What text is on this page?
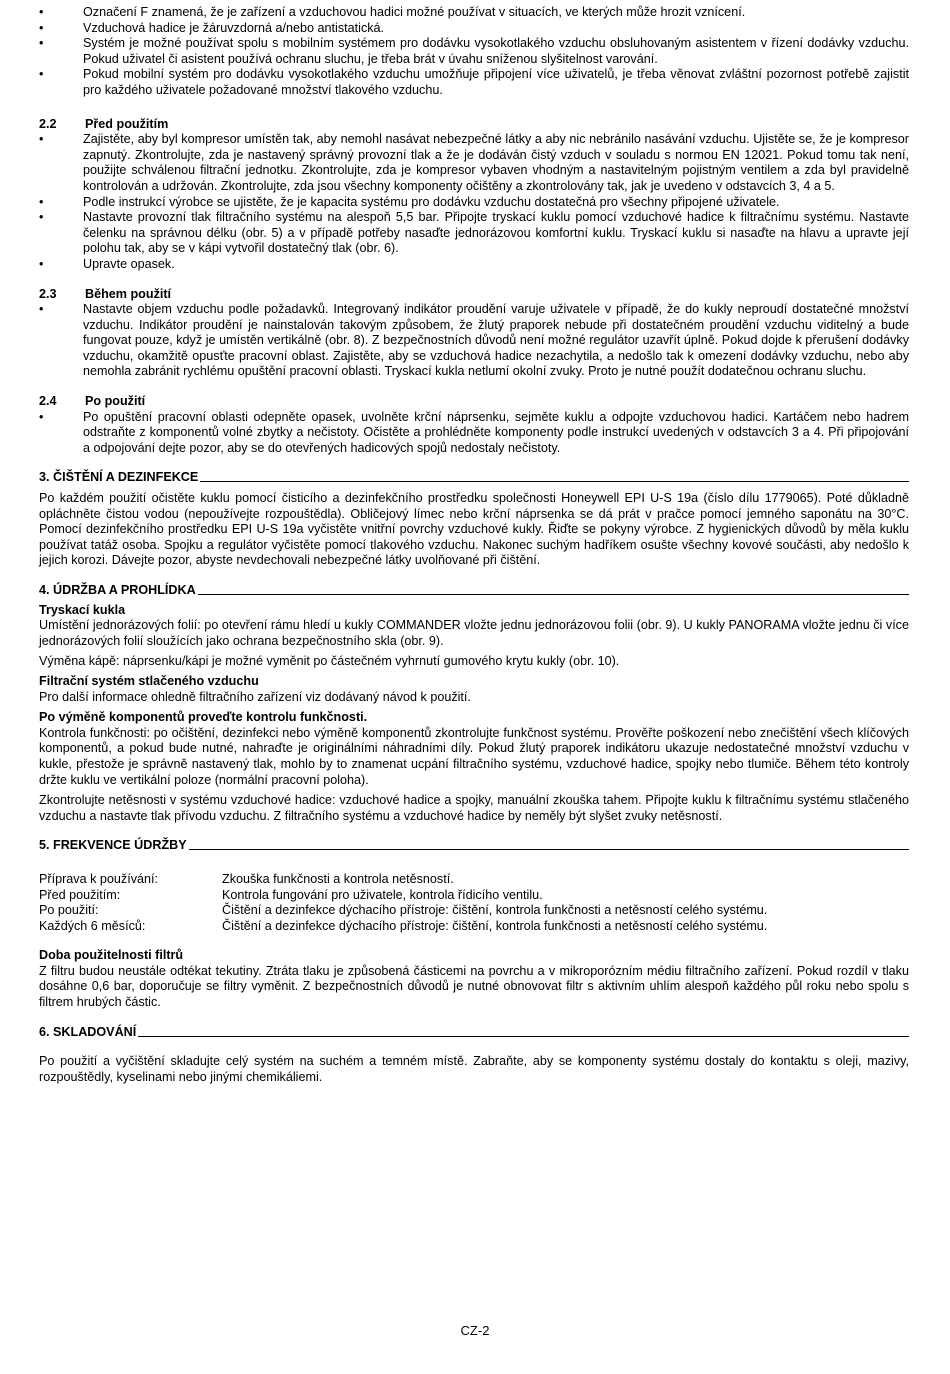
• Označení F znamená, že je zařízení a vzduchovou hadici možné používat v situacích, ve kterých může hrozit vznícení.
• Vzduchová hadice je žáruvzdorná a/nebo antistatická.
• Systém je možné používat spolu s mobilním systémem pro dodávku vysokotlakého vzduchu obsluhovaným asistentem v řízení dodávky vzduchu. Pokud uživatel či asistent používá ochranu sluchu, je třeba brát v úvahu sníženou slyšitelnost varování.
• Pokud mobilní systém pro dodávku vysokotlakého vzduchu umožňuje připojení více uživatelů, je třeba věnovat zvláštní pozornost potřebě zajistit pro každého uživatele požadované množství tlakového vzduchu.
2.2 Před použitím
• Zajistěte, aby byl kompresor umístěn tak, aby nemohl nasávat nebezpečné látky a aby nic nebránilo nasávání vzduchu. Ujistěte se, že je kompresor zapnutý. Zkontrolujte, zda je nastavený správný provozní tlak a že je dodáván čistý vzduch v souladu s normou EN 12021. Pokud tomu tak není, použijte schválenou filtrační jednotku. Zkontrolujte, zda je kompresor vybaven vhodným a nastavitelným pojistným ventilem a zda byl pravidelně kontrolován a udržován. Zkontrolujte, zda jsou všechny komponenty očištěny a zkontrolovány tak, jak je uvedeno v odstavcích 3, 4 a 5.
• Podle instrukcí výrobce se ujistěte, že je kapacita systému pro dodávku vzduchu dostatečná pro všechny připojené uživatele.
• Nastavte provozní tlak filtračního systému na alespoň 5,5 bar. Připojte tryskací kuklu pomocí vzduchové hadice k filtračnímu systému. Nastavte čelenku na správnou délku (obr. 5) a v případě potřeby nasaďte jednorázovou komfortní kuklu. Tryskací kuklu si nasaďte na hlavu a upravte její polohu tak, aby se v kápi vytvořil dostatečný tlak (obr. 6).
• Upravte opasek.
2.3 Během použití
• Nastavte objem vzduchu podle požadavků. Integrovaný indikátor proudění varuje uživatele v případě, že do kukly neproudí dostatečné množství vzduchu. Indikátor proudění je nainstalován takovým způsobem, že žlutý praporek nebude při dostatečném proudění vzduchu viditelný a bude fungovat pouze, když je umístěn vertikálně (obr. 8). Z bezpečnostních důvodů není možné regulátor uzavřít úplně. Pokud dojde k přerušení dodávky vzduchu, okamžitě opusťte pracovní oblast. Zajistěte, aby se vzduchová hadice nezachytila, a nedošlo tak k omezení dodávky vzduchu, nebo aby nemohla zabránit rychlému opuštění pracovní oblasti. Tryskací kukla netlumí okolní zvuky. Proto je nutné použít dodatečnou ochranu sluchu.
2.4 Po použití
• Po opuštění pracovní oblasti odepněte opasek, uvolněte krční náprsenku, sejměte kuklu a odpojte vzduchovou hadici. Kartáčem nebo hadrem odstraňte z komponentů volné zbytky a nečistoty. Očistěte a prohlédněte komponenty podle instrukcí uvedených v odstavcích 3 a 4. Při připojování a odpojování dejte pozor, aby se do otevřených hadicových spojů nedostaly nečistoty.
3. ČIŠTĚNÍ A DEZINFEKCE

Po každém použití očistěte kuklu pomocí čisticího a dezinfekčního prostředku společnosti Honeywell EPI U-S 19a (číslo dílu 1779065). Poté důkladně opláchněte čistou vodou (nepoužívejte rozpouštědla). Obličejový límec nebo krční náprsenka se dá prát v pračce pomocí jemného saponátu na 30°C. Pomocí dezinfekčního prostředku EPI U-S 19a vyčistěte vnitřní povrchy vzduchové kukly. Řiďte se pokyny výrobce. Z hygienických důvodů by měla kuklu používat tatáž osoba. Spojku a regulátor vyčistěte pomocí tlakového vzduchu. Nakonec suchým hadříkem osušte všechny kovové součásti, aby nedošlo k jejich korozi. Dávejte pozor, abyste nevdechovali nebezpečné látky uvolňované při čištění.

4. ÚDRŽBA A PROHLÍDKA

Tryskací kukla

Umístění jednorázových folií: po otevření rámu hledí u kukly COMMANDER vložte jednu jednorázovou folii (obr. 9). U kukly PANORAMA vložte jednu či více jednorázových folií sloužících jako ochrana bezpečnostního skla (obr. 9).

Výměna kápě: náprsenku/kápi je možné vyměnit po částečném vyhrnutí gumového krytu kukly (obr. 10).

Filtrační systém stlačeného vzduchu

Pro další informace ohledně filtračního zařízení viz dodávaný návod k použití.

Po výměně komponentů proveďte kontrolu funkčnosti.

Kontrola funkčnosti: po očištění, dezinfekci nebo výměně komponentů zkontrolujte funkčnost systému. Prověřte poškození nebo znečištění všech klíčových komponentů, a pokud bude nutné, nahraďte je originálními náhradními díly. Pokud žlutý praporek indikátoru ukazuje nedostatečné množství vzduchu v kukle, přestože je správně nastavený tlak, mohlo by to znamenat ucpání filtračního systému, vzduchové hadice, spojky nebo tlumiče. Během této kontroly držte kuklu ve vertikální poloze (normální pracovní poloha).

Zkontrolujte netěsnosti v systému vzduchové hadice: vzduchové hadice a spojky, manuální zkouška tahem. Připojte kuklu k filtračnímu systému stlačeného vzduchu a nastavte tlak přívodu vzduchu. Z filtračního systému a vzduchové hadice by neměly být slyšet zvuky netěsností.

5. FREKVENCE ÚDRŽBY
Příprava k používání:	Zkouška funkčnosti a kontrola netěsností.
Před použitím:	Kontrola fungování pro uživatele, kontrola řídicího ventilu.
Po použití:	Čištění a dezinfekce dýchacího přístroje: čištění, kontrola funkčnosti a netěsností celého systému.
Každých 6 měsíců:	Čištění a dezinfekce dýchacího přístroje: čištění, kontrola funkčnosti a netěsností celého systému.

Doba použitelnosti filtrů

Z filtru budou neustále odtékat tekutiny. Ztráta tlaku je způsobená částicemi na povrchu a v mikroporózním médiu filtračního zařízení. Pokud rozdíl v tlaku dosáhne 0,6 bar, doporučuje se filtry vyměnit. Z bezpečnostních důvodů je nutné obnovovat filtr s aktivním uhlím alespoň každého půl roku nebo spolu s filtrem hrubých částic.

6. SKLADOVÁNÍ

Po použití a vyčištění skladujte celý systém na suchém a temném místě. Zabraňte, aby se komponenty systému dostaly do kontaktu s oleji, mazivy, rozpouštědly, kyselinami nebo jinými chemikáliemi.

CZ-2
